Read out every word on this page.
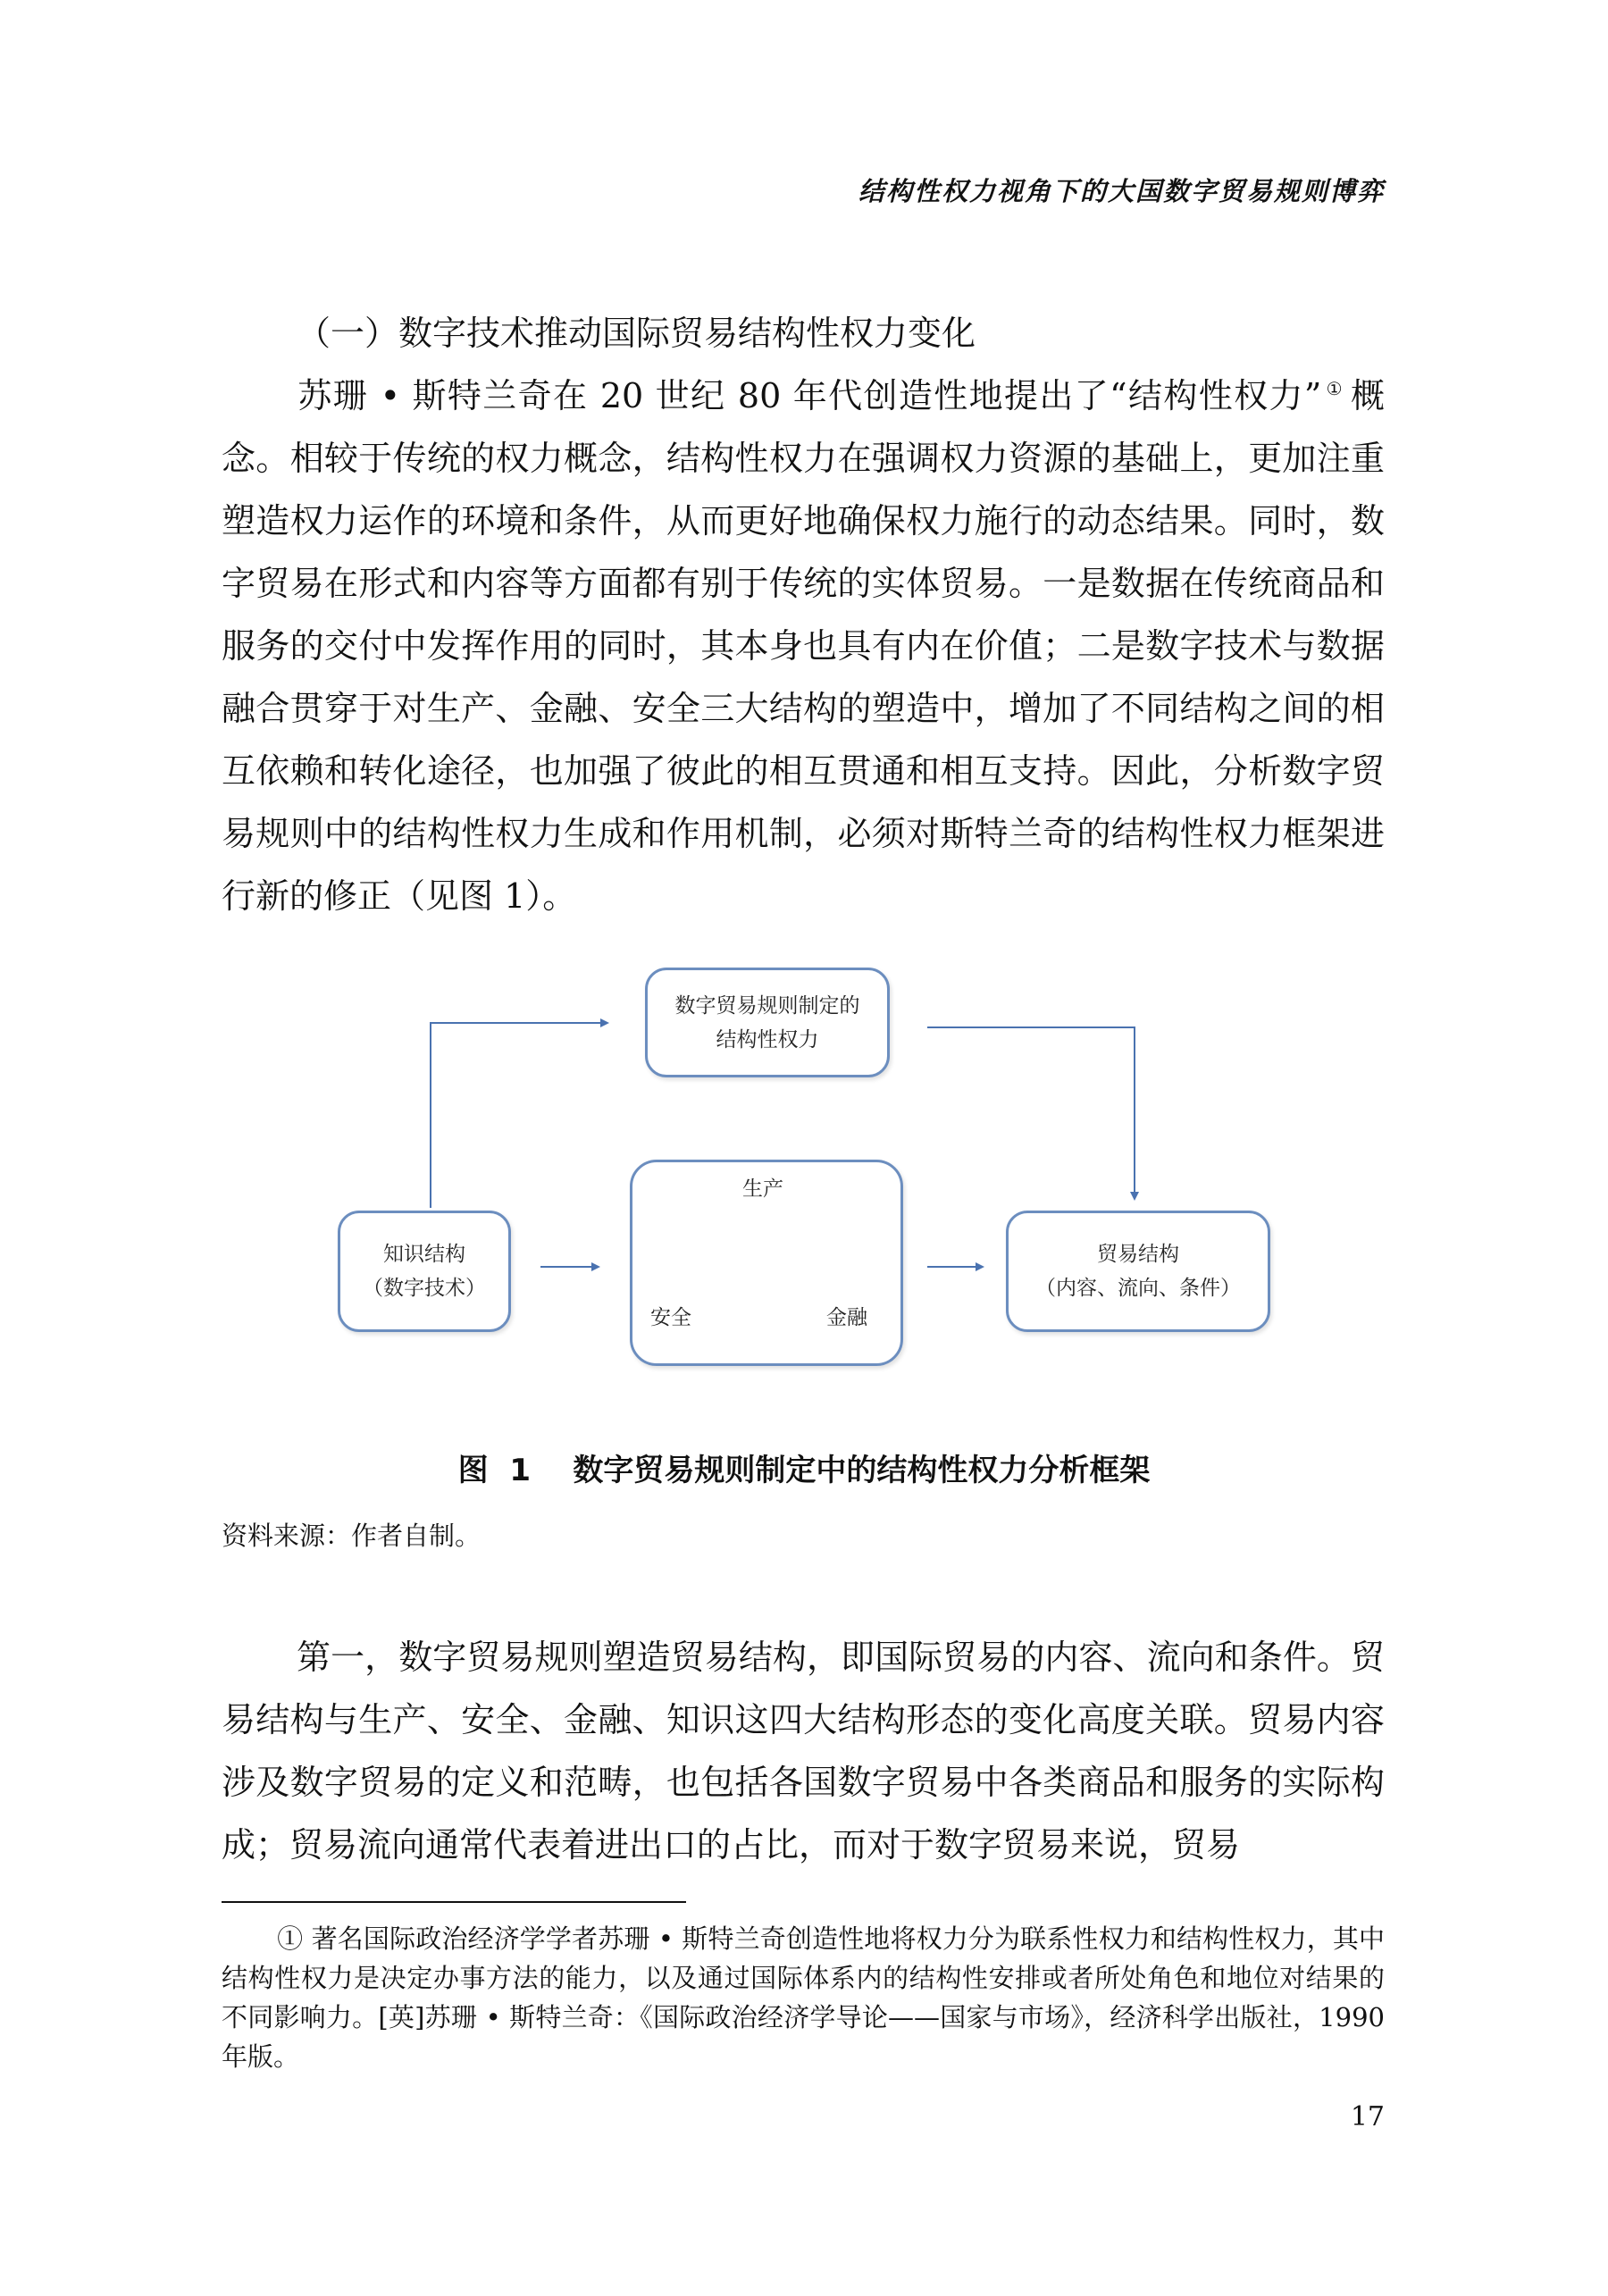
结构性权力视角下的大国数字贸易规则博弈
（一）数字技术推动国际贸易结构性权力变化
苏珊 • 斯特兰奇在 20 世纪 80 年代创造性地提出了“结构性权力” ① 概念。相较于传统的权力概念，结构性权力在强调权力资源的基础上，更加注重塑造权力运作的环境和条件，从而更好地确保权力施行的动态结果。同时，数字贸易在形式和内容等方面都有别于传统的实体贸易。一是数据在传统商品和服务的交付中发挥作用的同时，其本身也具有内在价值；二是数字技术与数据融合贯穿于对生产、金融、安全三大结构的塑造中，增加了不同结构之间的相互依赖和转化途径，也加强了彼此的相互贯通和相互支持。因此，分析数字贸易规则中的结构性权力生成和作用机制，必须对斯特兰奇的结构性权力框架进行新的修正（见图 1）。
数字贸易规则制定的
结构性权力
知识结构
（数字技术）
生产
安全	金融
贸易结构
（内容、流向、条件）
图  1    数字贸易规则制定中的结构性权力分析框架
资料来源：作者自制。
第一，数字贸易规则塑造贸易结构，即国际贸易的内容、流向和条件。贸易结构与生产、安全、金融、知识这四大结构形态的变化高度关联。贸易内容涉及数字贸易的定义和范畴，也包括各国数字贸易中各类商品和服务的实际构成；贸易流向通常代表着进出口的占比，而对于数字贸易来说，贸易
① 著名国际政治经济学学者苏珊 • 斯特兰奇创造性地将权力分为联系性权力和结构性权力，其中结构性权力是决定办事方法的能力，以及通过国际体系内的结构性安排或者所处角色和地位对结果的不同影响力。[英]苏珊 • 斯特兰奇：《国际政治经济学导论——国家与市场》，经济科学出版社，1990 年版。
17
